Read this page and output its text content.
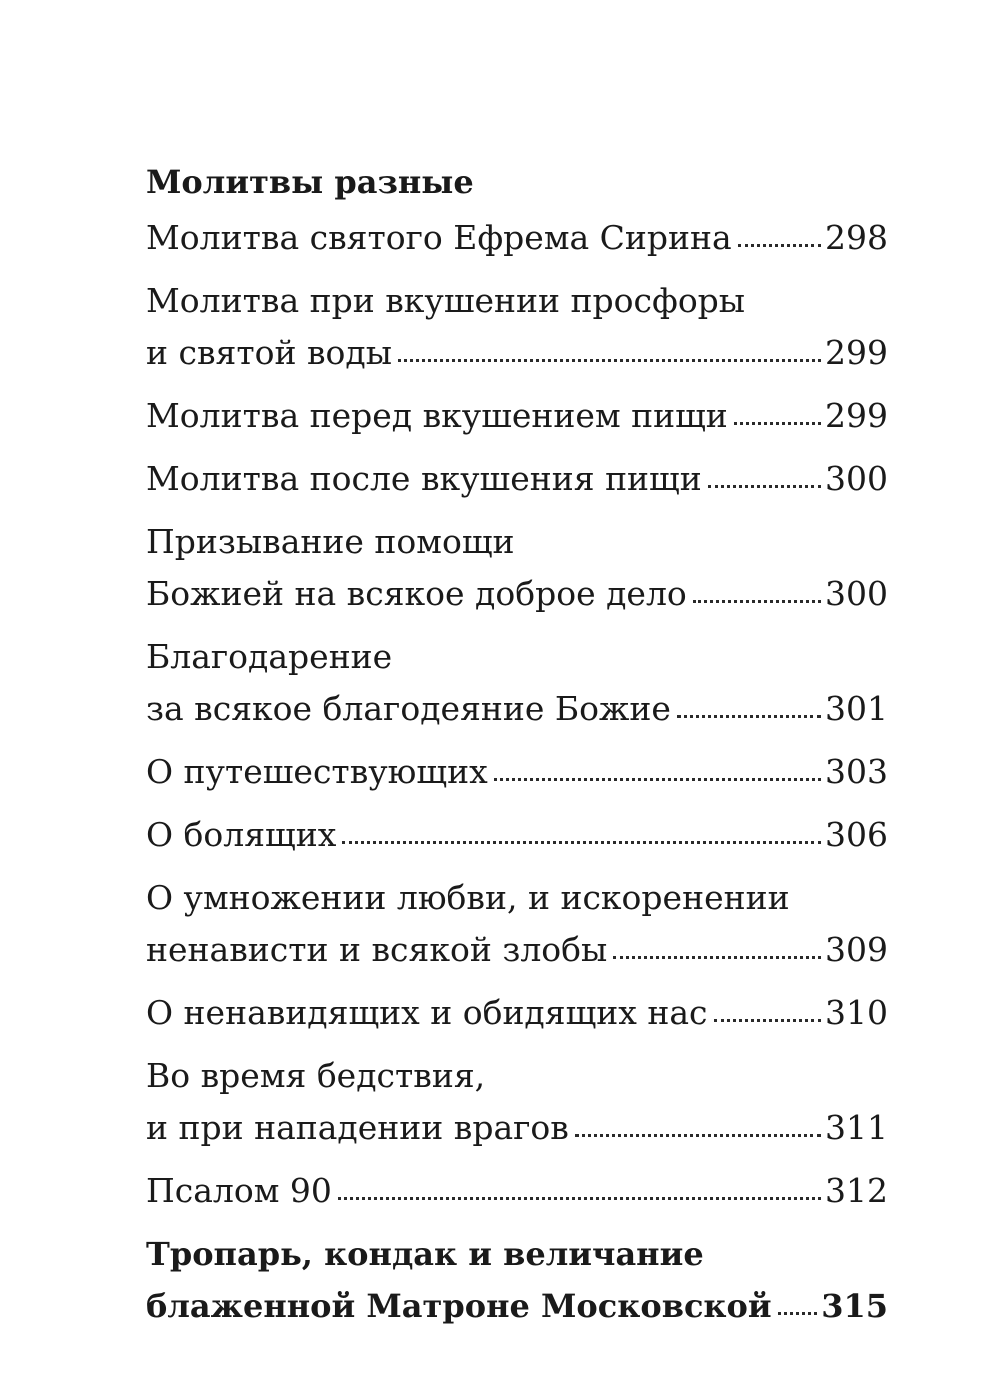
Молитвы разные
Молитва святого Ефрема Сирина	298
Молитва при вкушении просфоры
и святой воды	299
Молитва перед вкушением пищи	299
Молитва после вкушения пищи	300
Призывание помощи
Божией на всякое доброе дело	300
Благодарение
за всякое благодеяние Божие	301
О путешествующих	303
О болящих	306
О умножении любви, и искоренении
ненависти и всякой злобы	309
О ненавидящих и обидящих нас	310
Во время бедствия,
и при нападении врагов	311
Псалом 90	312
Тропарь, кондак и величание
блаженной Матроне Московской 315
